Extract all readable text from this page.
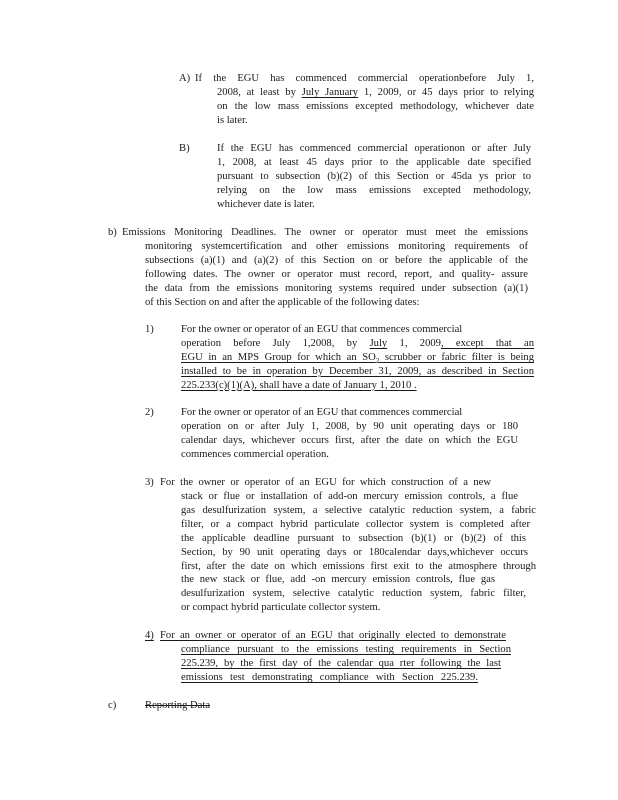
A) If the EGU has commenced commercial operationbefore July 1,
2008, at least by July January 1, 2009, or 45 days prior to relying
on the low mass emissions excepted methodology, whichever date
is later.
B)	If the EGU has commenced commercial operationon or after July
1, 2008, at least 45 days prior to the applicable date specified
pursuant to subsection (b)(2) of this Section or 45da ys prior to
relying on the low mass emissions excepted methodology,
whichever date is later.
b) Emissions Monitoring Deadlines. The owner or operator must meet the emissions
monitoring systemcertification and other emissions monitoring requirements of
subsections (a)(1) and (a)(2) of this Section on or before the applicable of the
following dates. The owner or operator must record, report, and quality- assure
the data from the emissions monitoring systems required under subsection (a)(1)
of this Section on and after the applicable of the following dates:
1)	For the owner or operator of an EGU that commences commercial
operation before July 1,2008, by July 1, 2009, except that an
EGU in an MPS Group for which an $SO_2$ scrubber or fabric filter is being
installed to be in operation by December 31, 2009, as described in Section
225.233(c)(1)(A), shall have a date of January 1, 2010 .
2)	For the owner or operator of an EGU that commences commercial
operation on or after July 1, 2008, by 90 unit operating days or 180
calendar days, whichever occurs first, after the date on which the EGU
commences commercial operation.
3) For the owner or operator of an EGU for which construction of a new
stack or flue or installation of add-on mercury emission controls, a flue
gas desulfurization system, a selective catalytic reduction system, a fabric
filter, or a compact hybrid particulate collector system is completed after
the applicable deadline pursuant to subsection (b)(1) or (b)(2) of this
Section, by 90 unit operating days or 180calendar days,whichever occurs
first, after the date on which emissions first exit to the atmosphere through
the new stack or flue, add -on mercury emission controls, flue gas
desulfurization system, selective catalytic reduction system, fabric filter,
or compact hybrid particulate collector system.
4) For an owner or operator of an EGU that originally elected to demonstrate
compliance pursuant to the emissions testing requirements in Section
225.239, by the first day of the calendar qua rter following the last
emissions test demonstrating compliance with Section 225.239.
c)	Reporting Data
